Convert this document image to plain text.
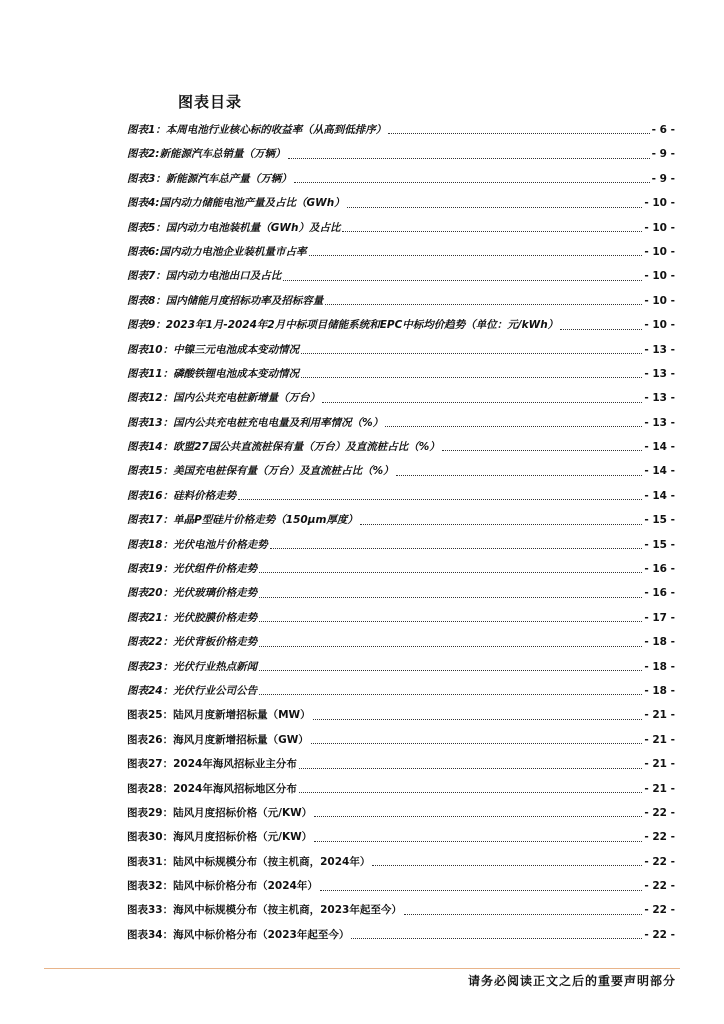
图表目录
图表1：本周电池行业核心标的收益率（从高到低排序）	- 6 -
图表2:新能源汽车总销量（万辆）	- 9 -
图表3：新能源汽车总产量（万辆）	- 9 -
图表4:国内动力储能电池产量及占比（GWh）	- 10 -
图表5：国内动力电池装机量（GWh）及占比	- 10 -
图表6:国内动力电池企业装机量市占率	- 10 -
图表7：国内动力电池出口及占比	- 10 -
图表8：国内储能月度招标功率及招标容量	- 10 -
图表9：2023年1月-2024年2月中标项目储能系统和EPC中标均价趋势（单位：元/kWh）	- 10 -
图表10：中镍三元电池成本变动情况	- 13 -
图表11：磷酸铁锂电池成本变动情况	- 13 -
图表12：国内公共充电桩新增量（万台）	- 13 -
图表13：国内公共充电桩充电电量及利用率情况（%）	- 13 -
图表14：欧盟27国公共直流桩保有量（万台）及直流桩占比（%）	- 14 -
图表15：美国充电桩保有量（万台）及直流桩占比（%）	- 14 -
图表16：硅料价格走势	- 14 -
图表17：单晶P型硅片价格走势（150μm厚度）	- 15 -
图表18：光伏电池片价格走势	- 15 -
图表19：光伏组件价格走势	- 16 -
图表20：光伏玻璃价格走势	- 16 -
图表21：光伏胶膜价格走势	- 17 -
图表22：光伏背板价格走势	- 18 -
图表23：光伏行业热点新闻	- 18 -
图表24：光伏行业公司公告	- 18 -
图表25：陆风月度新增招标量（MW）	- 21 -
图表26：海风月度新增招标量（GW）	- 21 -
图表27：2024年海风招标业主分布	- 21 -
图表28：2024年海风招标地区分布	- 21 -
图表29：陆风月度招标价格（元/KW）	- 22 -
图表30：海风月度招标价格（元/KW）	- 22 -
图表31：陆风中标规模分布（按主机商，2024年）	- 22 -
图表32：陆风中标价格分布（2024年）	- 22 -
图表33：海风中标规模分布（按主机商，2023年起至今）	- 22 -
图表34：海风中标价格分布（2023年起至今）	- 22 -
请务必阅读正文之后的重要声明部分
